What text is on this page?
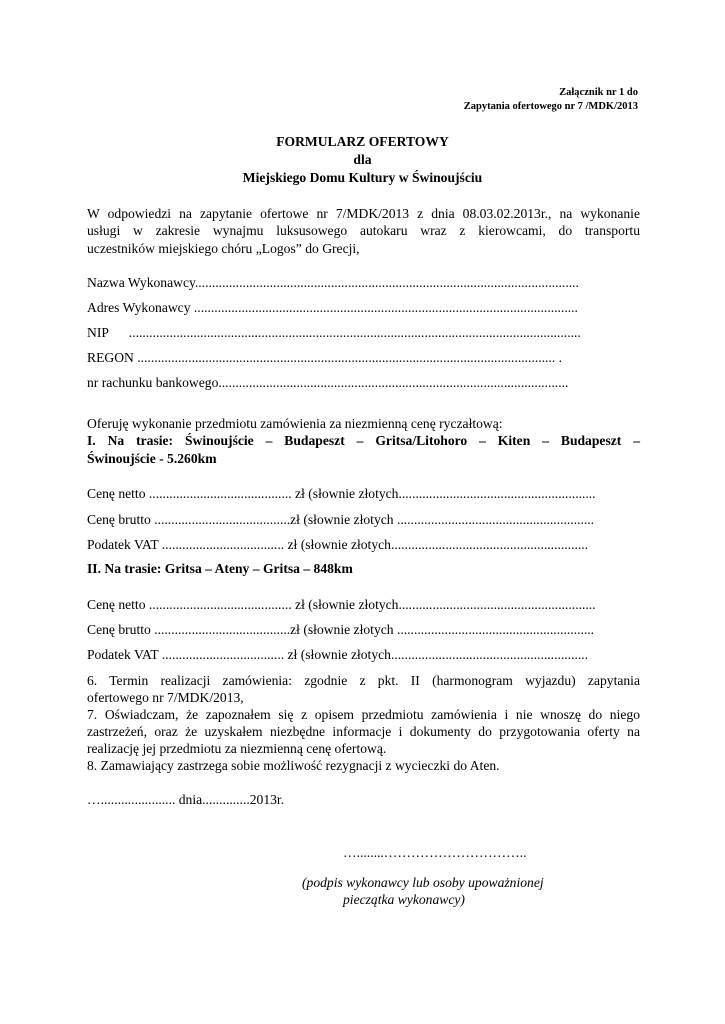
Załącznik nr 1 do
Zapytania ofertowego nr 7 /MDK/2013
FORMULARZ OFERTOWY
dla
Miejskiego Domu Kultury w Świnoujściu
W odpowiedzi na zapytanie ofertowe nr 7/MDK/2013 z dnia 08.03.02.2013r., na wykonanie
usługi w zakresie wynajmu luksusowego autokaru wraz z kierowcami, do transportu
uczestników miejskiego chóru „Logos” do Grecji,
Nazwa Wykonawcy.................................................................................................................
Adres Wykonawcy .................................................................................................................
NIP      .....................................................................................................................................
REGON ........................................................................................................................... .
nr rachunku bankowego.......................................................................................................
Oferuję wykonanie przedmiotu zamówienia za niezmienną cenę ryczałtową:
I. Na trasie: Świnoujście – Budapeszt – Gritsa/Litohoro – Kiten – Budapeszt –
Świnoujście - 5.260km
Cenę netto .......................................... zł (słownie złotych..........................................................
Cenę brutto ........................................zł (słownie złotych ..........................................................
Podatek VAT .................................... zł (słownie złotych..........................................................
II. Na trasie: Gritsa – Ateny – Gritsa – 848km
Cenę netto .......................................... zł (słownie złotych..........................................................
Cenę brutto ........................................zł (słownie złotych ..........................................................
Podatek VAT .................................... zł (słownie złotych..........................................................
6. Termin realizacji zamówienia: zgodnie z pkt. II (harmonogram wyjazdu) zapytania
ofertowego nr 7/MDK/2013,
7. Oświadczam, że zapoznałem się z opisem przedmiotu zamówienia i nie wnoszę do niego
zastrzeżeń, oraz że uzyskałem niezbędne informacje i dokumenty do przygotowania oferty na
realizację jej przedmiotu za niezmienną cenę ofertową.
8. Zamawiający zastrzega sobie możliwość rezygnacji z wycieczki do Aten.
…...................... dnia..............2013r.
…........…………………………..
(podpis wykonawcy lub osoby upoważnionej
pieczątka wykonawcy)
